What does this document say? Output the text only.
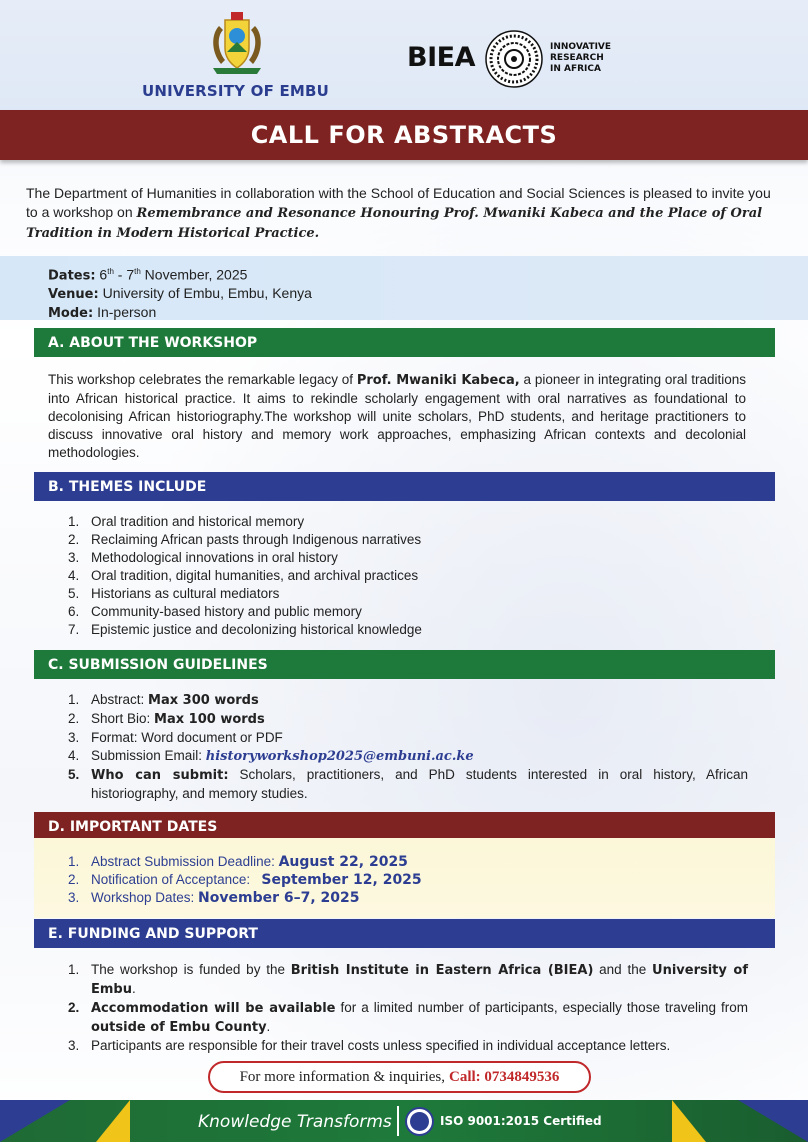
UNIVERSITY OF EMBU
BIEA	INNOVATIVE
RESEARCH
IN AFRICA
CALL FOR ABSTRACTS

The Department of Humanities in collaboration with the School of Education and Social Sciences is pleased to invite you to a workshop on Remembrance and Resonance Honouring Prof. Mwaniki Kabeca and the Place of Oral Tradition in Modern Historical Practice.

Dates: 6th - 7th November, 2025
Venue: University of Embu, Embu, Kenya
Mode: In-person
A. ABOUT THE WORKSHOP

This workshop celebrates the remarkable legacy of Prof. Mwaniki Kabeca, a pioneer in integrating oral traditions into African historical practice. It aims to rekindle scholarly engagement with oral narratives as foundational to decolonising African historiography.The workshop will unite scholars, PhD students, and heritage practitioners to discuss innovative oral history and memory work approaches, emphasizing African contexts and decolonial methodologies.

B. THEMES INCLUDE
1. Oral tradition and historical memory
2. Reclaiming African pasts through Indigenous narratives
3. Methodological innovations in oral history
4. Oral tradition, digital humanities, and archival practices
5. Historians as cultural mediators
6. Community-based history and public memory
7. Epistemic justice and decolonizing historical knowledge
C. SUBMISSION GUIDELINES
1. Abstract: Max 300 words
2. Short Bio: Max 100 words
3. Format: Word document or PDF
4. Submission Email: historyworkshop2025@embuni.ac.ke
5. Who can submit: Scholars, practitioners, and PhD students interested in oral history, African historiography, and memory studies.
D. IMPORTANT DATES
1. Abstract Submission Deadline: August 22, 2025
2. Notification of Acceptance:   September 12, 2025
3. Workshop Dates: November 6–7, 2025
E. FUNDING AND SUPPORT
1. The workshop is funded by the British Institute in Eastern Africa (BIEA) and the University of Embu.
2. Accommodation will be available for a limited number of participants, especially those traveling from outside of Embu County.
3. Participants are responsible for their travel costs unless specified in individual acceptance letters.
For more information & inquiries, Call: 0734849536
Knowledge Transforms	ISO 9001:2015 Certified
